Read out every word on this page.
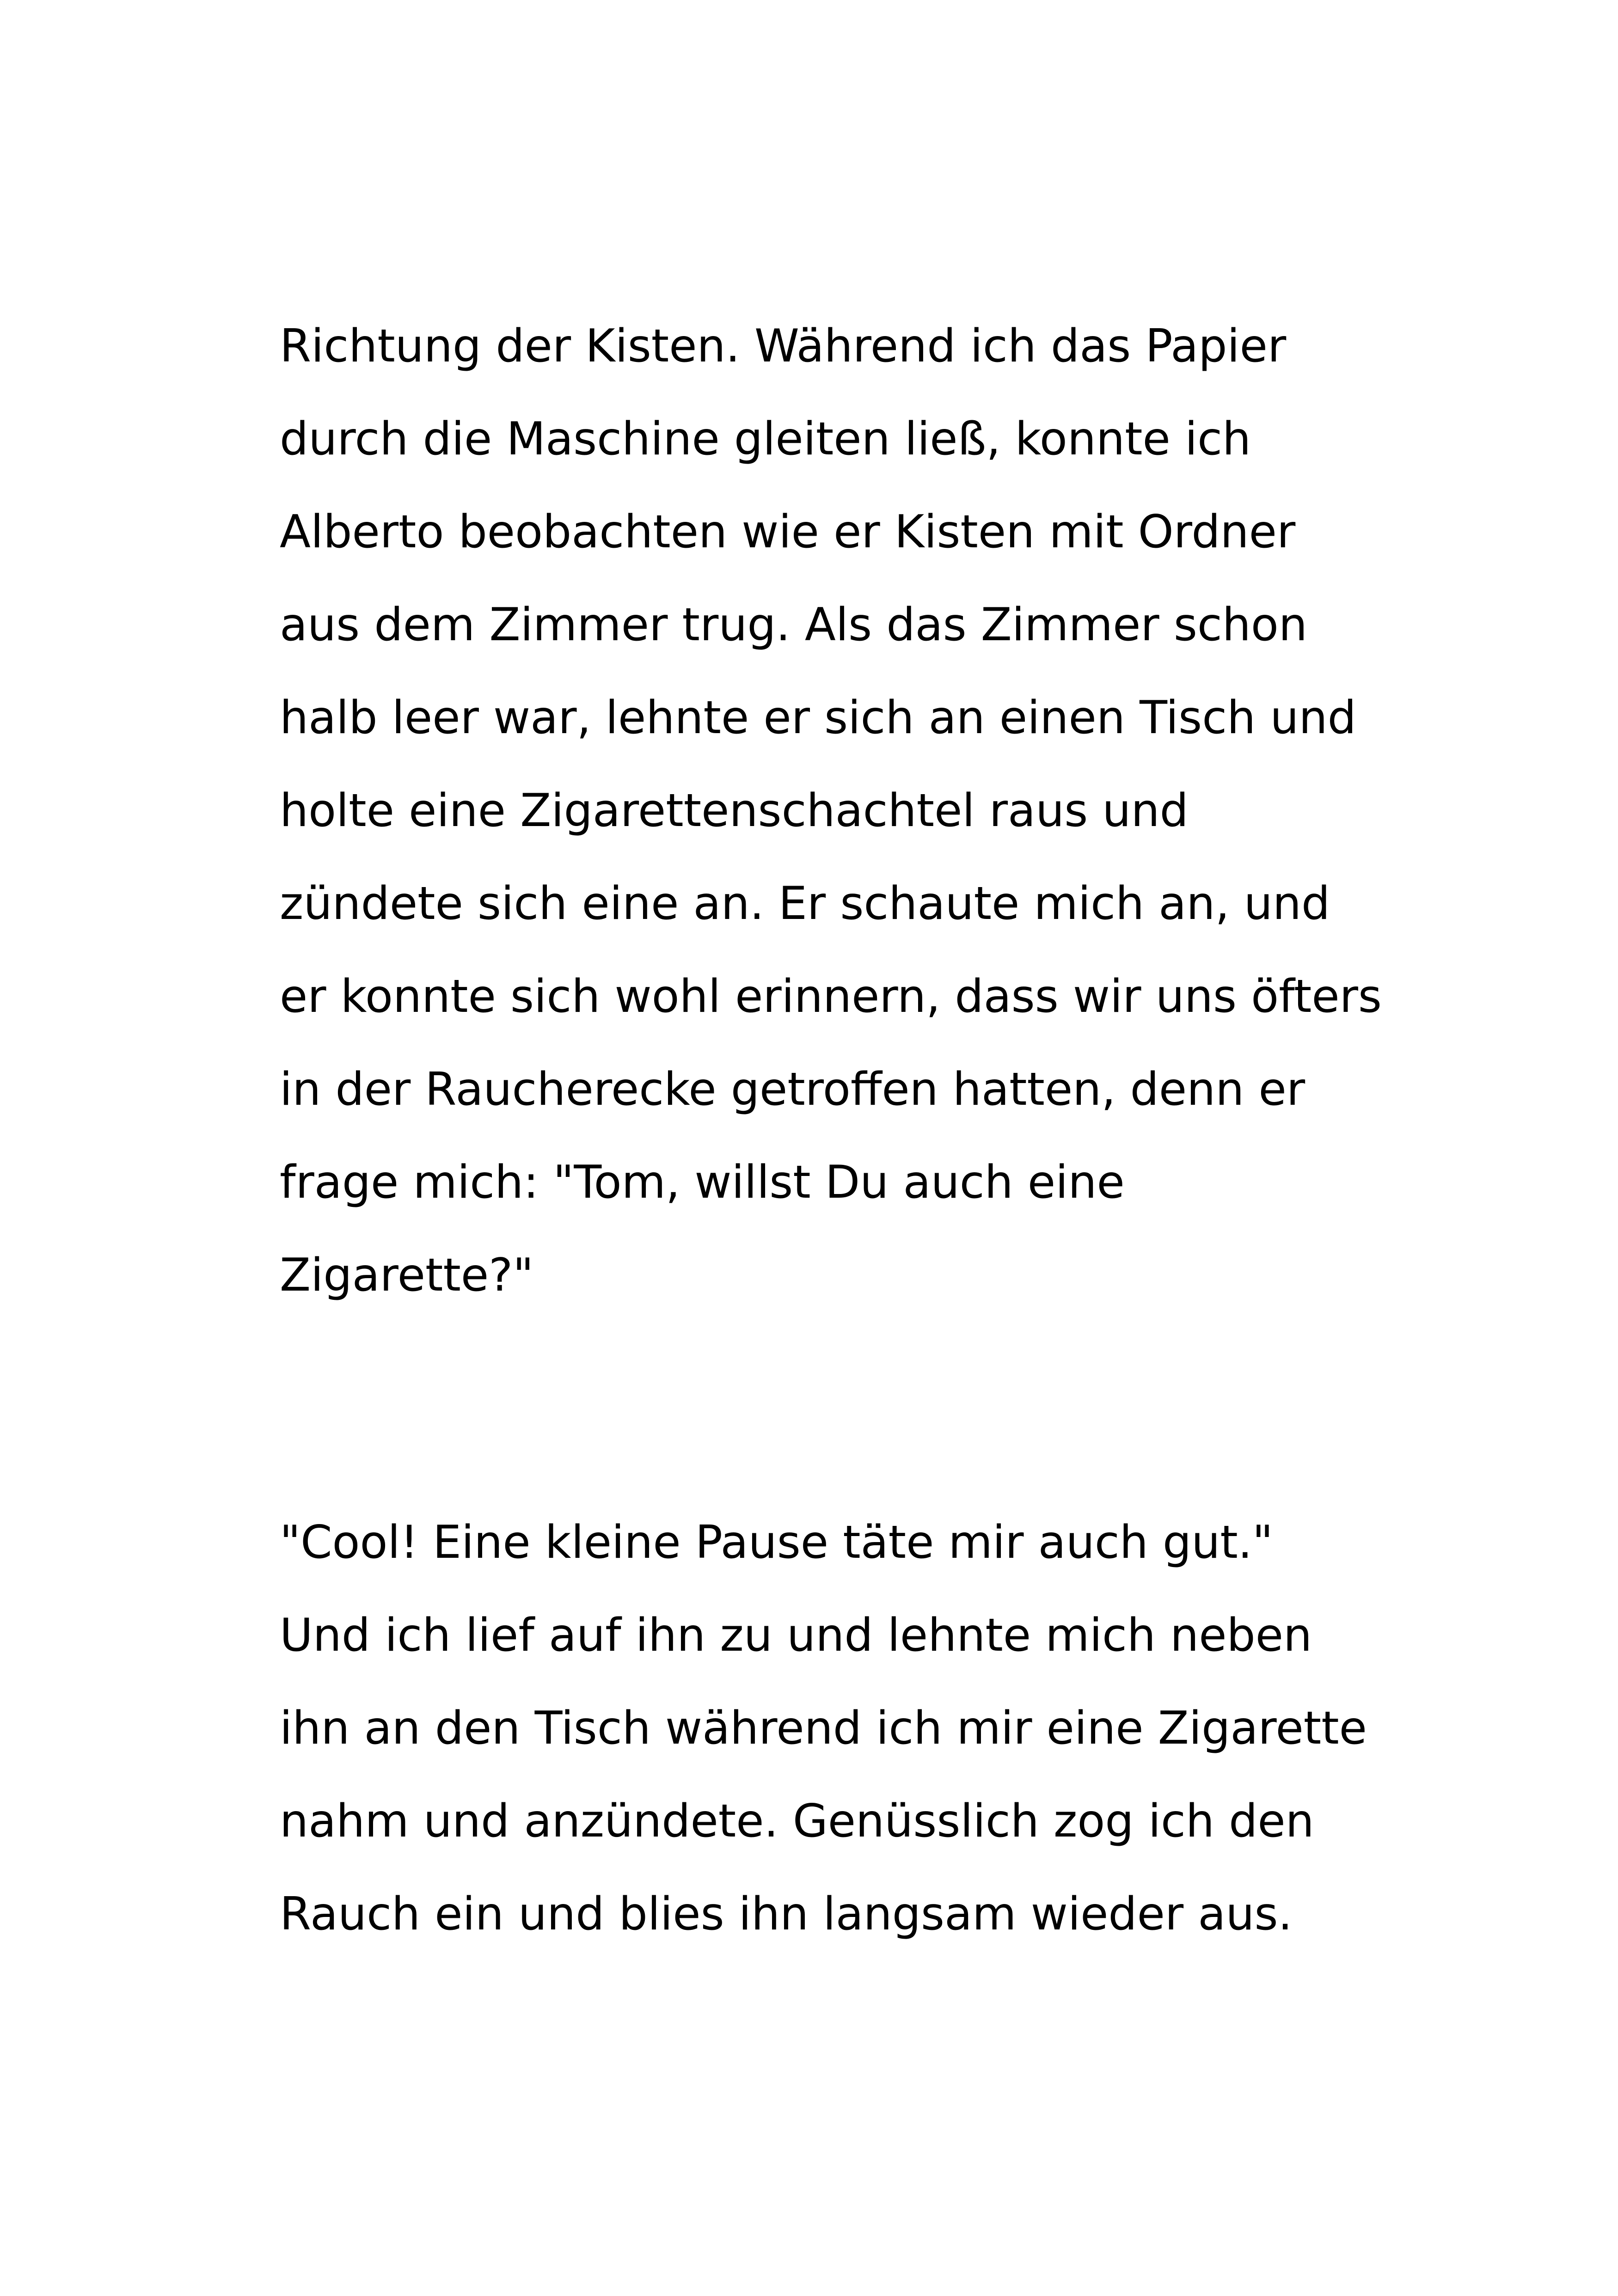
Richtung der Kisten. Während ich das Papier
durch die Maschine gleiten ließ, konnte ich
Alberto beobachten wie er Kisten mit Ordner
aus dem Zimmer trug. Als das Zimmer schon
halb leer war, lehnte er sich an einen Tisch und
holte eine Zigarettenschachtel raus und
zündete sich eine an. Er schaute mich an, und
er konnte sich wohl erinnern, dass wir uns öfters
in der Raucherecke getroffen hatten, denn er
frage mich: "Tom, willst Du auch eine
Zigarette?"
"Cool! Eine kleine Pause täte mir auch gut."
Und ich lief auf ihn zu und lehnte mich neben
ihn an den Tisch während ich mir eine Zigarette
nahm und anzündete. Genüsslich zog ich den
Rauch ein und blies ihn langsam wieder aus.
